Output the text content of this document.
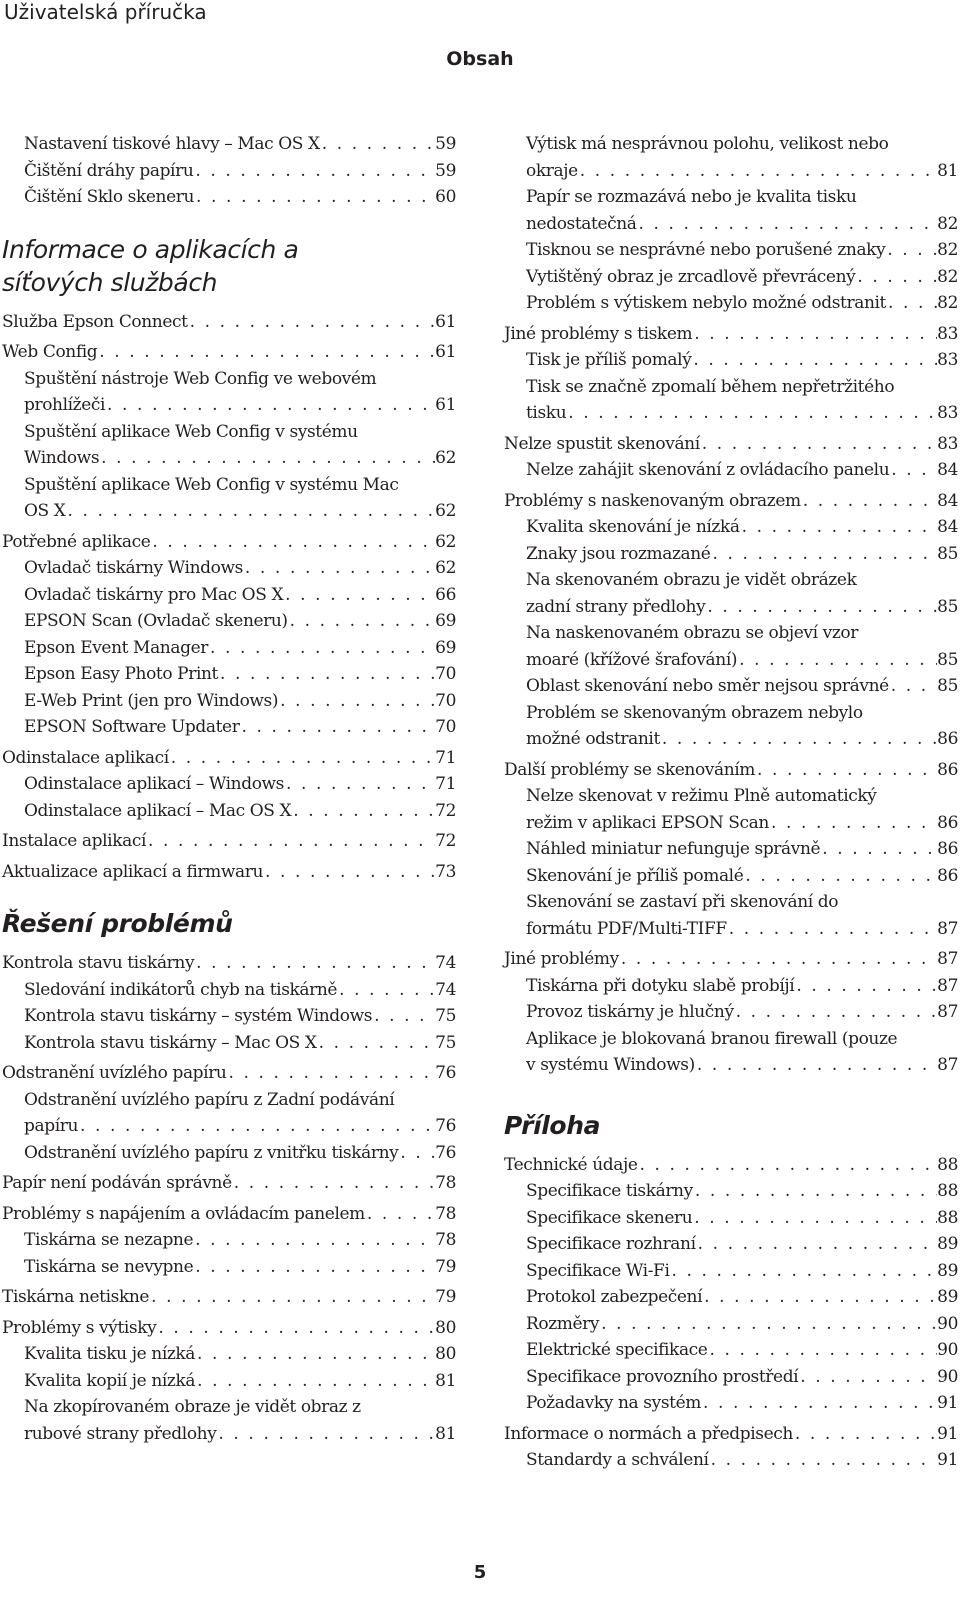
Uživatelská příručka
Obsah
Nastavení tiskové hlavy – Mac OS X . . .	59
Čištění dráhy papíru . . .	59
Čištění Sklo skeneru . . .	60
Informace o aplikacích a síťových službách
Služba Epson Connect . . .	61
Web Config . . .	61
Spuštění nástroje Web Config ve webovém
prohlížeči . . .	61
Spuštění aplikace Web Config v systému
Windows . . .	62
Spuštění aplikace Web Config v systému Mac
OS X . . .	62
Potřebné aplikace . . .	62
Ovladač tiskárny Windows . . .	62
Ovladač tiskárny pro Mac OS X . . .	66
EPSON Scan (Ovladač skeneru) . . .	69
Epson Event Manager . . .	69
Epson Easy Photo Print . . .	70
E-Web Print (jen pro Windows) . . .	70
EPSON Software Updater . . .	70
Odinstalace aplikací . . .	71
Odinstalace aplikací – Windows . . .	71
Odinstalace aplikací – Mac OS X . . .	72
Instalace aplikací . . .	72
Aktualizace aplikací a firmwaru . . .	73
Řešení problémů
Kontrola stavu tiskárny . . .	74
Sledování indikátorů chyb na tiskárně . . .	74
Kontrola stavu tiskárny – systém Windows . . .	75
Kontrola stavu tiskárny – Mac OS X . . .	75
Odstranění uvízlého papíru . . .	76
Odstranění uvízlého papíru z Zadní podávání
papíru . . .	76
Odstranění uvízlého papíru z vnitřku tiskárny . . . 76
Papír není podáván správně . . .	78
Problémy s napájením a ovládacím panelem . . .	78
Tiskárna se nezapne . . .	78
Tiskárna se nevypne . . .	79
Tiskárna netiskne . . .	79
Problémy s výtisky . . .	80
Kvalita tisku je nízká . . .	80
Kvalita kopií je nízká . . .	81
Na zkopírovaném obraze je vidět obraz z
rubové strany předlohy . . .	81
Výtisk má nesprávnou polohu, velikost nebo
okraje . . .	81
Papír se rozmazává nebo je kvalita tisku
nedostatečná . . .	82
Tisknou se nesprávné nebo porušené znaky . . .	82
Vytištěný obraz je zrcadlově převrácený . . .	82
Problém s výtiskem nebylo možné odstranit . . .	82
Jiné problémy s tiskem . . .	83
Tisk je příliš pomalý . . .	83
Tisk se značně zpomalí během nepřetržitého
tisku . . .	83
Nelze spustit skenování . . .	83
Nelze zahájit skenování z ovládacího panelu . . .	84
Problémy s naskenovaným obrazem . . .	84
Kvalita skenování je nízká . . .	84
Znaky jsou rozmazané . . .	85
Na skenovaném obrazu je vidět obrázek
zadní strany předlohy . . .	85
Na naskenovaném obrazu se objeví vzor
moaré (křížové šrafování) . . .	85
Oblast skenování nebo směr nejsou správné . . .	85
Problém se skenovaným obrazem nebylo
možné odstranit . . .	86
Další problémy se skenováním . . .	86
Nelze skenovat v režimu Plně automatický
režim v aplikaci EPSON Scan . . .	86
Náhled miniatur nefunguje správně . . .	86
Skenování je příliš pomalé . . .	86
Skenování se zastaví při skenování do
formátu PDF/Multi-TIFF . . .	87
Jiné problémy . . .	87
Tiskárna při dotyku slabě probíjí . . .	87
Provoz tiskárny je hlučný . . .	87
Aplikace je blokovaná branou firewall (pouze
v systému Windows) . . .	87
Příloha
Technické údaje . . .	88
Specifikace tiskárny . . .	88
Specifikace skeneru . . .	88
Specifikace rozhraní . . .	89
Specifikace Wi-Fi . . .	89
Protokol zabezpečení . . .	89
Rozměry . . .	90
Elektrické specifikace . . .	90
Specifikace provozního prostředí . . .	90
Požadavky na systém . . .	91
Informace o normách a předpisech . . .	91
Standardy a schválení . . .	91
5
